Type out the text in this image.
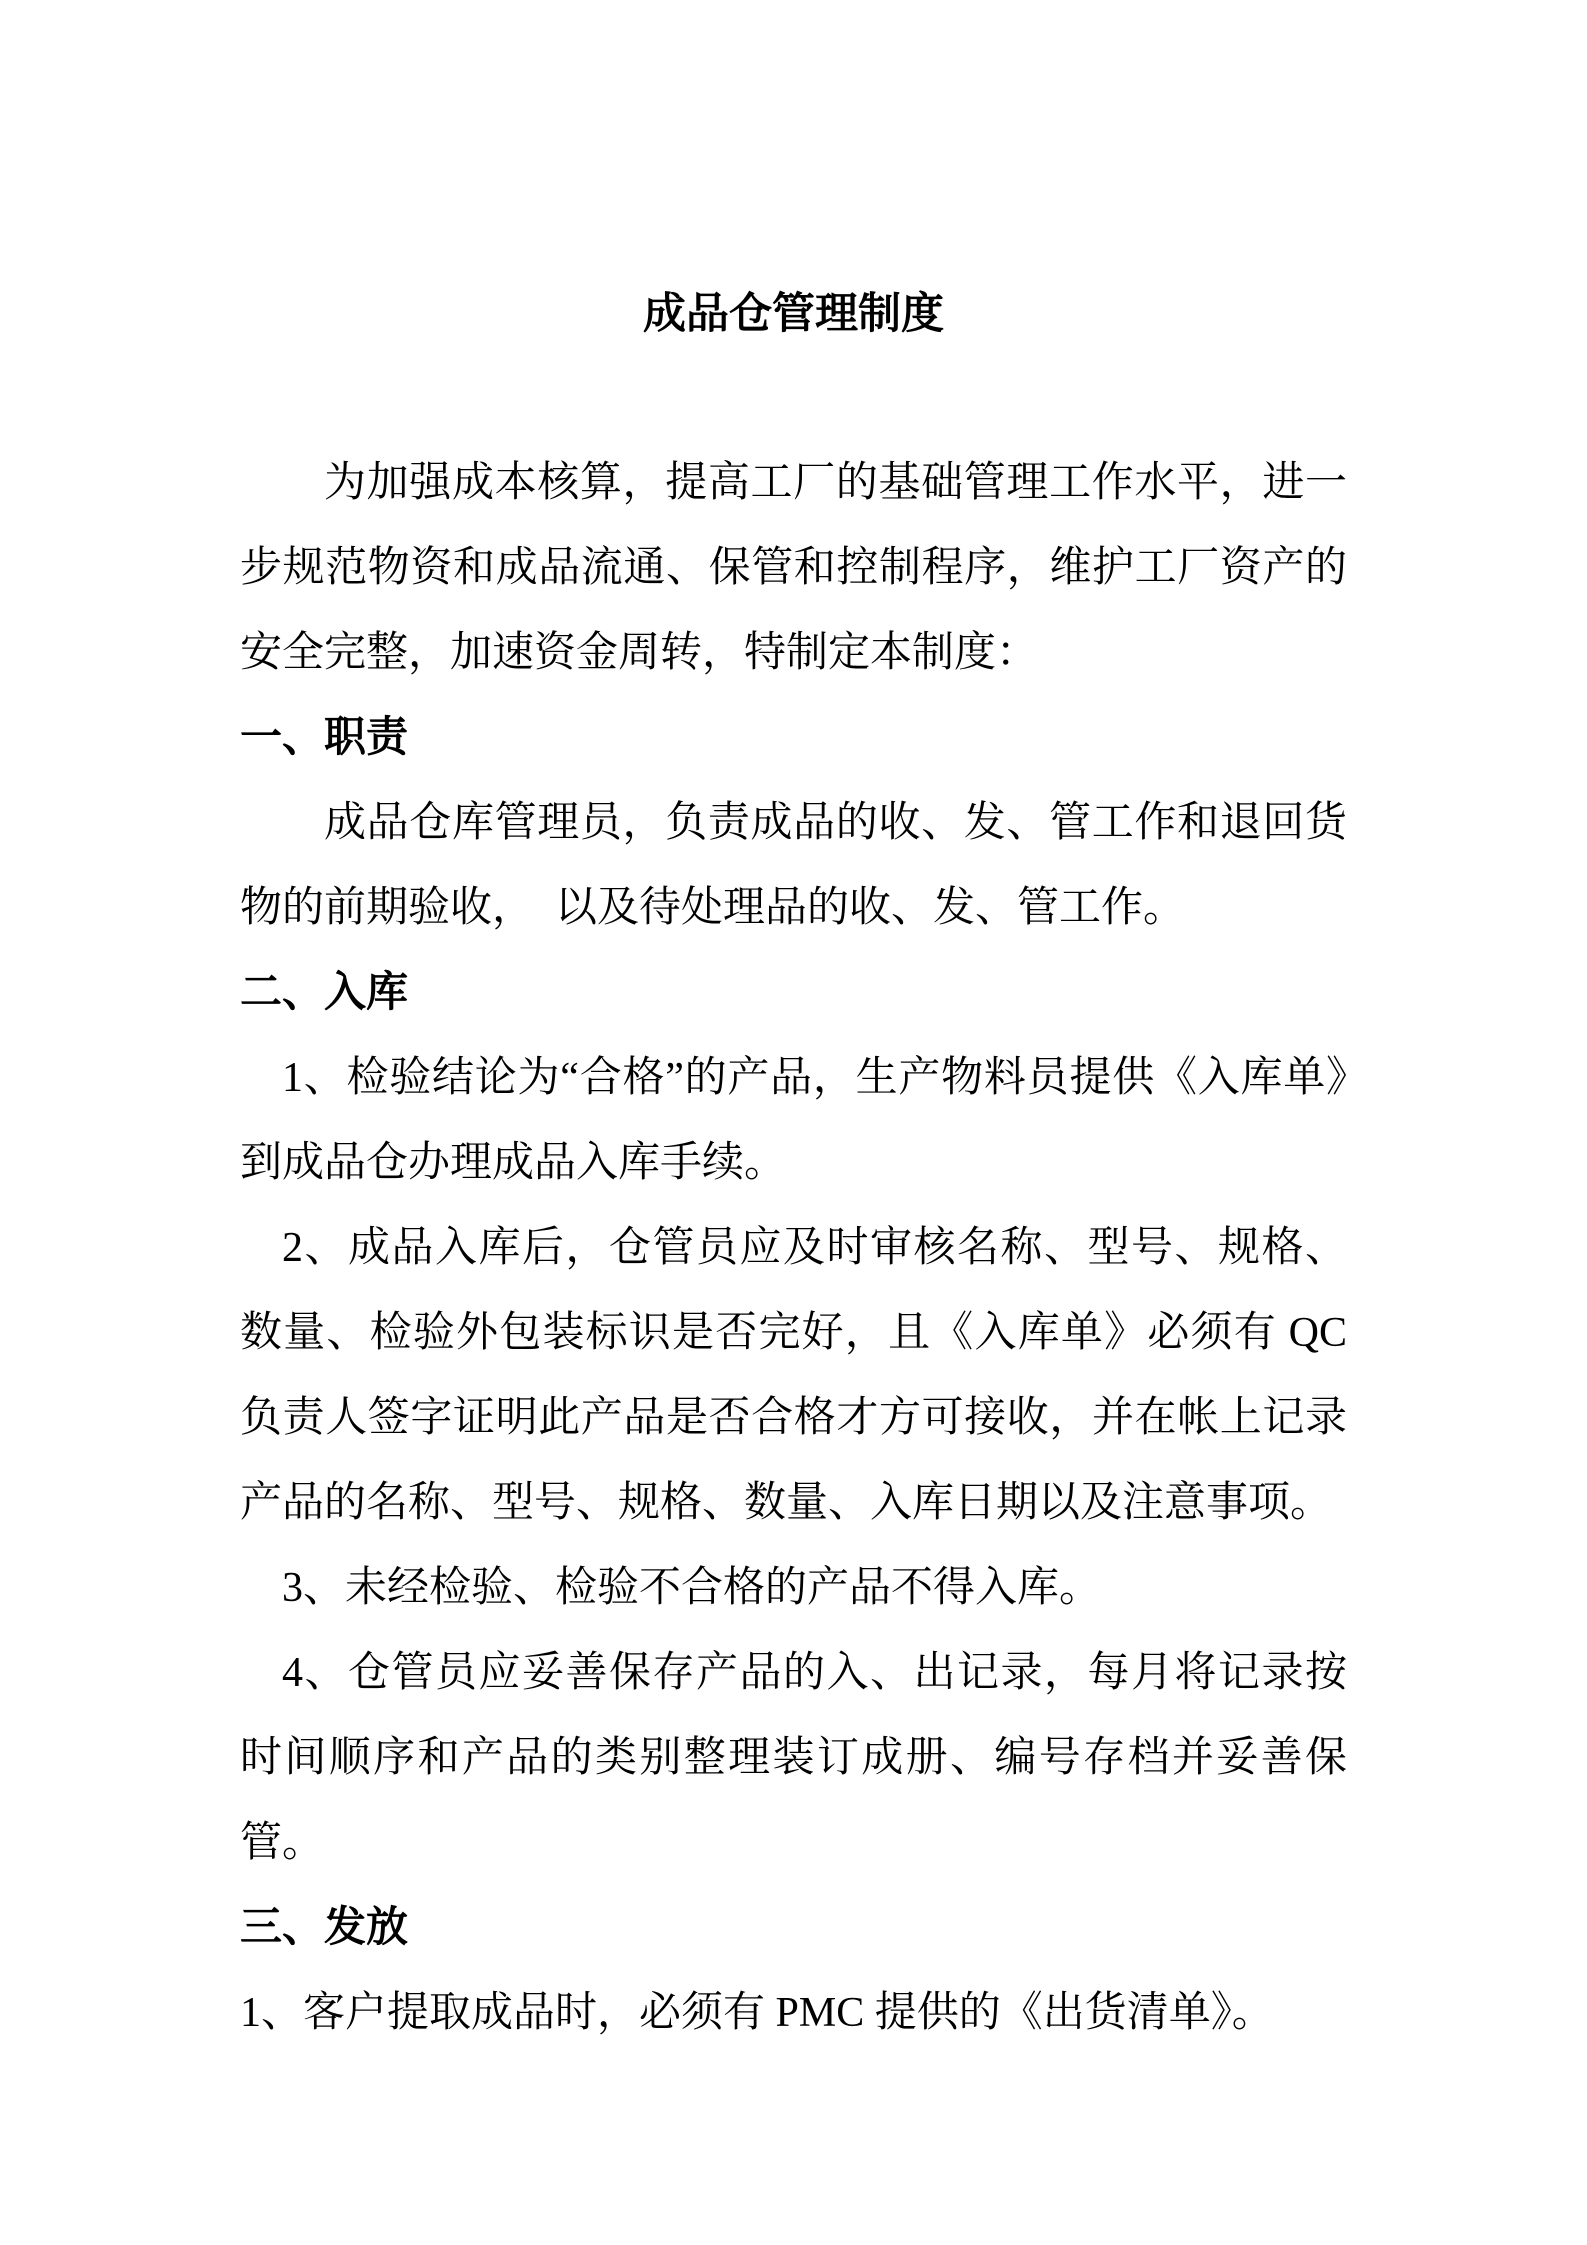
成品仓管理制度

为加强成本核算，提高工厂的基础管理工作水平，进一步规范物资和成品流通、保管和控制程序，维护工厂资产的安全完整，加速资金周转，特制定本制度：

一、职责

成品仓库管理员，负责成品的收、发、管工作和退回货物的前期验收，　以及待处理品的收、发、管工作。

二、入库

1、检验结论为“合格”的产品，生产物料员提供《入库单》到成品仓办理成品入库手续。

2、成品入库后，仓管员应及时审核名称、型号、规格、数量、检验外包装标识是否完好，且《入库单》必须有 QC 负责人签字证明此产品是否合格才方可接收，并在帐上记录产品的名称、型号、规格、数量、入库日期以及注意事项。

3、未经检验、检验不合格的产品不得入库。

4、仓管员应妥善保存产品的入、出记录，每月将记录按时间顺序和产品的类别整理装订成册、编号存档并妥善保管。

三、发放

1、客户提取成品时，必须有 PMC 提供的《出货清单》。
